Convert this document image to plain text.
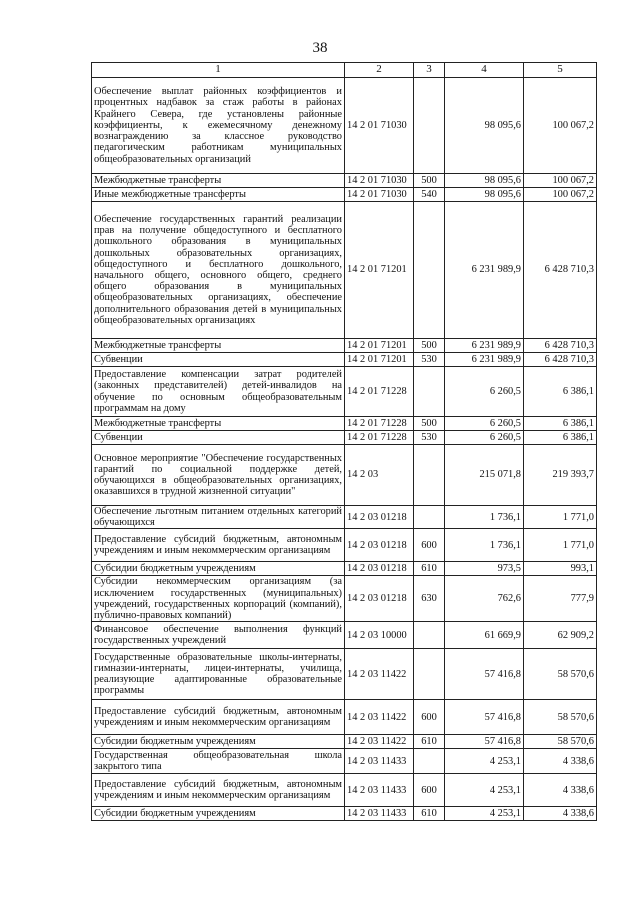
38
1	2	3	4	5
Обеспечение выплат районных коэффициентов и процентных надбавок за стаж работы в районах Крайнего Севера, где установлены районные коэффициенты, к ежемесячному денежному вознаграждению за классное руководство педагогическим работникам муниципальных общеобразовательных организаций	14 2 01 71030		98 095,6	100 067,2
Межбюджетные трансферты	14 2 01 71030	500	98 095,6	100 067,2
Иные межбюджетные трансферты	14 2 01 71030	540	98 095,6	100 067,2
Обеспечение государственных гарантий реализации прав на получение общедоступного и бесплатного дошкольного образования в муниципальных дошкольных образовательных организациях, общедоступного и бесплатного дошкольного, начального общего, основного общего, среднего общего образования в муниципальных общеобразовательных организациях, обеспечение дополнительного образования детей в муниципальных общеобразовательных организациях	14 2 01 71201		6 231 989,9	6 428 710,3
Межбюджетные трансферты	14 2 01 71201	500	6 231 989,9	6 428 710,3
Субвенции	14 2 01 71201	530	6 231 989,9	6 428 710,3
Предоставление компенсации затрат родителей (законных представителей) детей-инвалидов на обучение по основным общеобразовательным программам на дому	14 2 01 71228		6 260,5	6 386,1
Межбюджетные трансферты	14 2 01 71228	500	6 260,5	6 386,1
Субвенции	14 2 01 71228	530	6 260,5	6 386,1
Основное мероприятие "Обеспечение государственных гарантий по социальной поддержке детей, обучающихся в общеобразовательных организациях, оказавшихся в трудной жизненной ситуации"	14 2 03		215 071,8	219 393,7
Обеспечение льготным питанием отдельных категорий обучающихся	14 2 03 01218		1 736,1	1 771,0
Предоставление субсидий бюджетным, автономным учреждениям и иным некоммерческим организациям	14 2 03 01218	600	1 736,1	1 771,0
Субсидии бюджетным учреждениям	14 2 03 01218	610	973,5	993,1
Субсидии некоммерческим организациям (за исключением государственных (муниципальных) учреждений, государственных корпораций (компаний), публично-правовых компаний)	14 2 03 01218	630	762,6	777,9
Финансовое обеспечение выполнения функций государственных учреждений	14 2 03 10000		61 669,9	62 909,2
Государственные образовательные школы-интернаты, гимназии-интернаты, лицеи-интернаты, училища, реализующие адаптированные образовательные программы	14 2 03 11422		57 416,8	58 570,6
Предоставление субсидий бюджетным, автономным учреждениям и иным некоммерческим организациям	14 2 03 11422	600	57 416,8	58 570,6
Субсидии бюджетным учреждениям	14 2 03 11422	610	57 416,8	58 570,6
Государственная общеобразовательная школа закрытого типа	14 2 03 11433		4 253,1	4 338,6
Предоставление субсидий бюджетным, автономным учреждениям и иным некоммерческим организациям	14 2 03 11433	600	4 253,1	4 338,6
Субсидии бюджетным учреждениям	14 2 03 11433	610	4 253,1	4 338,6
